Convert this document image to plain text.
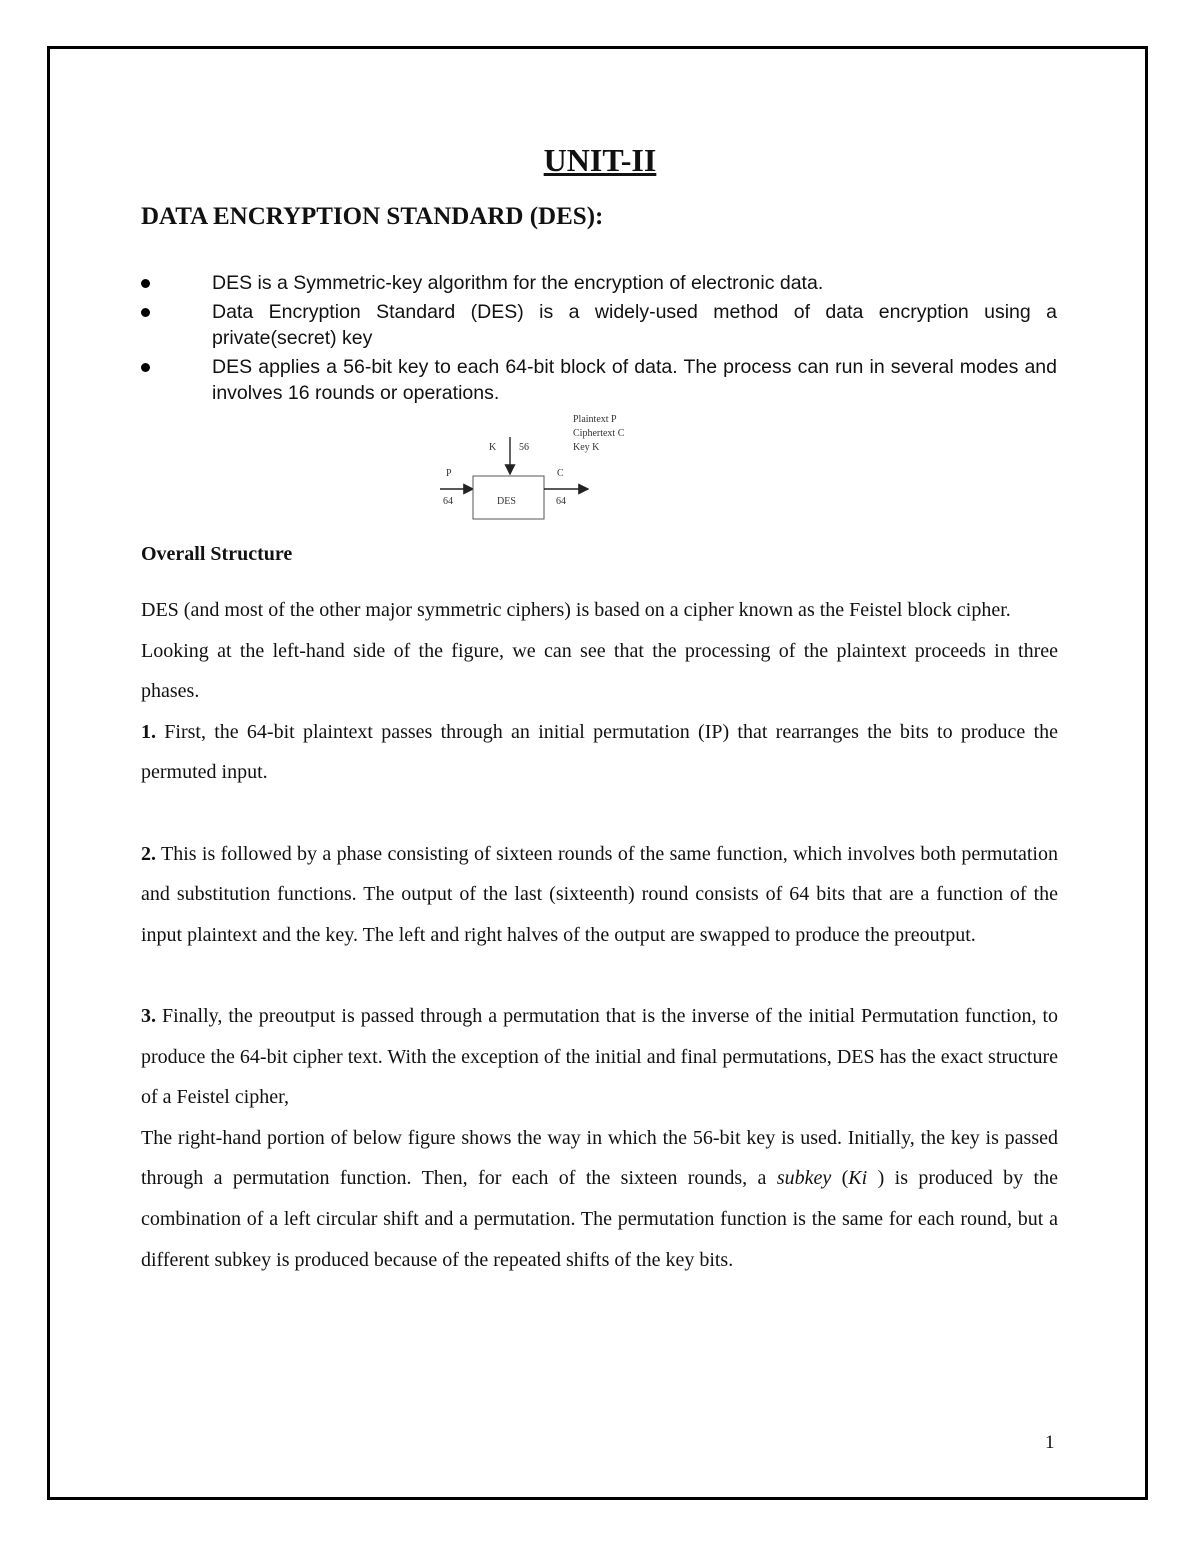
UNIT-II
DATA ENCRYPTION STANDARD (DES):
DES is a Symmetric-key algorithm for the encryption of electronic data.
Data Encryption Standard (DES) is a widely-used method of data encryption using a private(secret) key
DES applies a 56-bit key to each 64-bit block of data. The process can run in several modes and involves 16 rounds or operations.
Plaintext P
Ciphertext C
Key K
K 56
P
64	DES
C
64
Overall Structure

DES (and most of the other major symmetric ciphers) is based on a cipher known as the Feistel block cipher.

Looking at the left-hand side of the figure, we can see that the processing of the plaintext proceeds in three phases.

1. First, the 64-bit plaintext passes through an initial permutation (IP) that rearranges the bits to produce the permuted input.

2. This is followed by a phase consisting of sixteen rounds of the same function, which involves both permutation and substitution functions. The output of the last (sixteenth) round consists of 64 bits that are a function of the input plaintext and the key. The left and right halves of the output are swapped to produce the preoutput.

3. Finally, the preoutput is passed through a permutation that is the inverse of the initial Permutation function, to produce the 64-bit cipher text. With the exception of the initial and final permutations, DES has the exact structure of a Feistel cipher,

The right-hand portion of below figure shows the way in which the 56-bit key is used. Initially, the key is passed through a permutation function. Then, for each of the sixteen rounds, a subkey (Ki ) is produced by the combination of a left circular shift and a permutation. The permutation function is the same for each round, but a different subkey is produced because of the repeated shifts of the key bits.

1
